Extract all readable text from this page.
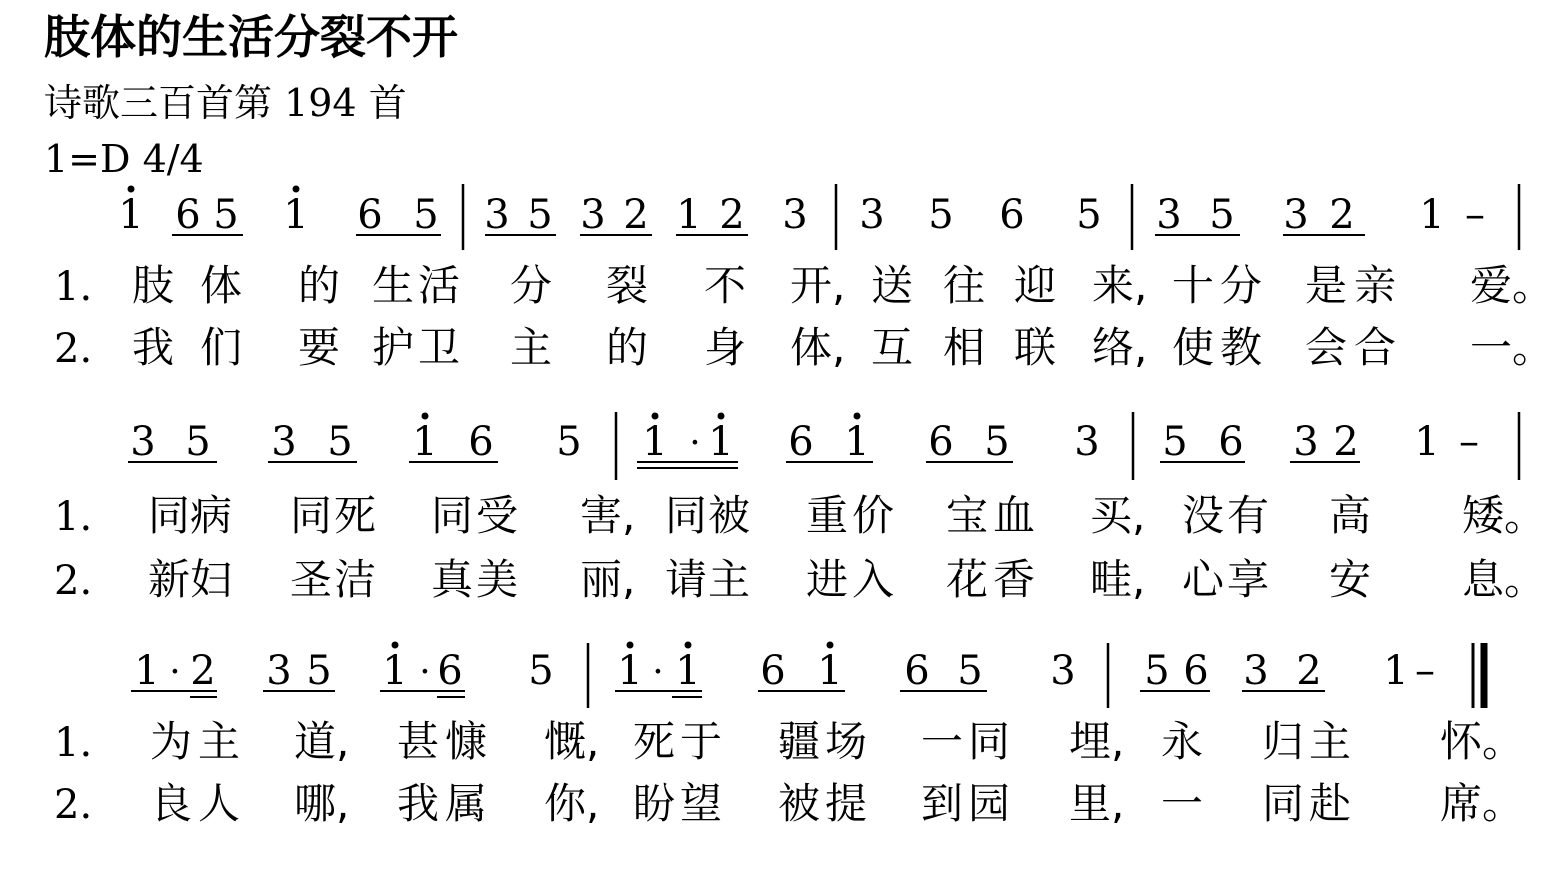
肢体的生活分裂不开
诗歌三百首第 194 首
1=D 4/4
1 6 5 1 6 5 3 5 3 2 1 2 3 3 5 6 5 3 5 3 2 1 –
3 5 3 5 1 6 5 1 · 1 6 1 6 5 3 5 6 3 2 1 –
1 · 2 3 5 1 · 6 5 1 · 1 6 1 6 5 3 5 6 3 2 1 –
1. 肢 体 的 生 活 分 裂 不 开, 送 往 迎 来, 十 分 是 亲 爱。
2. 我 们 要 护 卫 主 的 身 体, 互 相 联 络, 使 教 会 合 一。
1. 同 病 同 死 同 受 害, 同 被 重 价 宝 血 买, 没 有 高 矮。
2. 新 妇 圣 洁 真 美 丽, 请 主 进 入 花 香 畦, 心 享 安 息。
1. 为 主 道, 甚 慷 慨, 死 于 疆 场 一 同 埋, 永 归 主 怀。
2. 良 人 哪, 我 属 你, 盼 望 被 提 到 园 里, 一 同 赴 席。
